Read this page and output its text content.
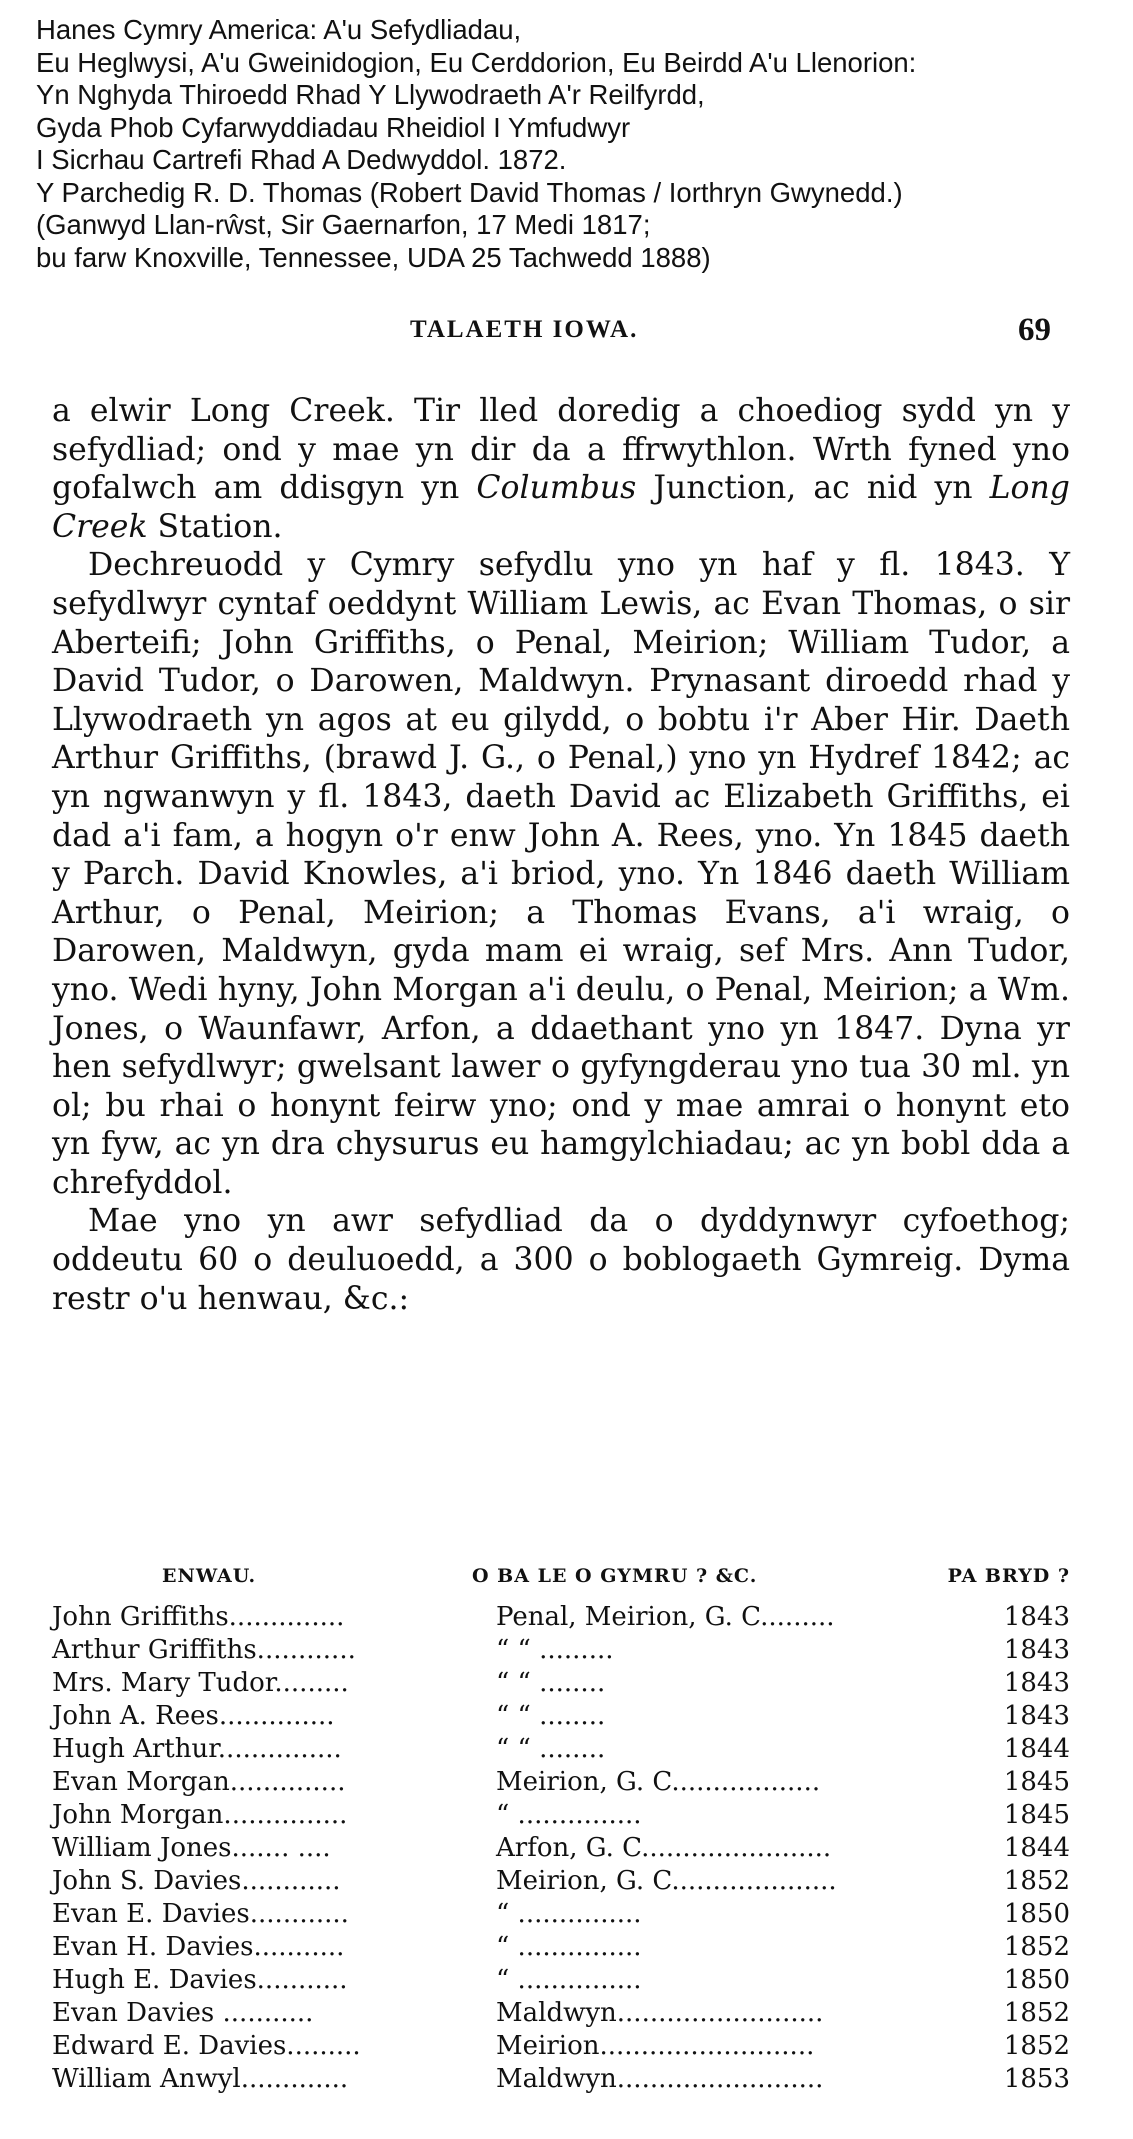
Hanes Cymry America: A'u Sefydliadau,
Eu Heglwysi, A'u Gweinidogion, Eu Cerddorion, Eu Beirdd A'u Llenorion:
Yn Nghyda Thiroedd Rhad Y Llywodraeth A'r Reilfyrdd,
Gyda Phob Cyfarwyddiadau Rheidiol I Ymfudwyr
I Sicrhau Cartrefi Rhad A Dedwyddol. 1872.
Y Parchedig R. D. Thomas (Robert David Thomas / Iorthryn Gwynedd.)
(Ganwyd Llan-rŵst, Sir Gaernarfon, 17 Medi 1817;
bu farw Knoxville, Tennessee, UDA 25 Tachwedd 1888)
TALAETH IOWA.	69

a elwir Long Creek. Tir lled doredig a choediog sydd yn y sefydliad; ond y mae yn dir da a ffrwythlon. Wrth fyned yno gofalwch am ddisgyn yn Columbus Junction, ac nid yn Long Creek Station.

Dechreuodd y Cymry sefydlu yno yn haf y fl. 1843. Y sefydlwyr cyntaf oeddynt William Lewis, ac Evan Thomas, o sir Aberteifi; John Griffiths, o Penal, Meirion; William Tudor, a David Tudor, o Darowen, Maldwyn. Prynasant diroedd rhad y Llywodraeth yn agos at eu gilydd, o bobtu i'r Aber Hir. Daeth Arthur Griffiths, (brawd J. G., o Penal,) yno yn Hydref 1842; ac yn ngwanwyn y fl. 1843, daeth David ac Elizabeth Griffiths, ei dad a'i fam, a hogyn o'r enw John A. Rees, yno. Yn 1845 daeth y Parch. David Knowles, a'i briod, yno. Yn 1846 daeth William Arthur, o Penal, Meirion; a Thomas Evans, a'i wraig, o Darowen, Maldwyn, gyda mam ei wraig, sef Mrs. Ann Tudor, yno. Wedi hyny, John Morgan a'i deulu, o Penal, Meirion; a Wm. Jones, o Waunfawr, Arfon, a ddaethant yno yn 1847. Dyna yr hen sefydlwyr; gwelsant lawer o gyfyngderau yno tua 30 ml. yn ol; bu rhai o honynt feirw yno; ond y mae amrai o honynt eto yn fyw, ac yn dra chysurus eu hamgylchiadau; ac yn bobl dda a chrefyddol.

Mae yno yn awr sefydliad da o dyddynwyr cyfoethog; oddeutu 60 o deuluoedd, a 300 o boblogaeth Gymreig. Dyma restr o'u henwau, &c.:

ENWAU.	O BA LE O GYMRU ? &C.	PA BRYD ?
John Griffiths..............	Penal, Meirion, G. C.........	1843
Arthur Griffiths............	“ “ .........	1843
Mrs. Mary Tudor.........	“ “ ........	1843
John A. Rees..............	“ “ ........	1843
Hugh Arthur...............	“ “ ........	1844
Evan Morgan..............	Meirion, G. C..................	1845
John Morgan...............	“ ...............	1845
William Jones....... ....	Arfon, G. C.......................	1844
John S. Davies............	Meirion, G. C....................	1852
Evan E. Davies............	“ ...............	1850
Evan H. Davies...........	“ ...............	1852
Hugh E. Davies...........	“ ...............	1850
Evan Davies ...........	Maldwyn.........................	1852
Edward E. Davies.........	Meirion..........................	1852
William Anwyl.............	Maldwyn.........................	1853
